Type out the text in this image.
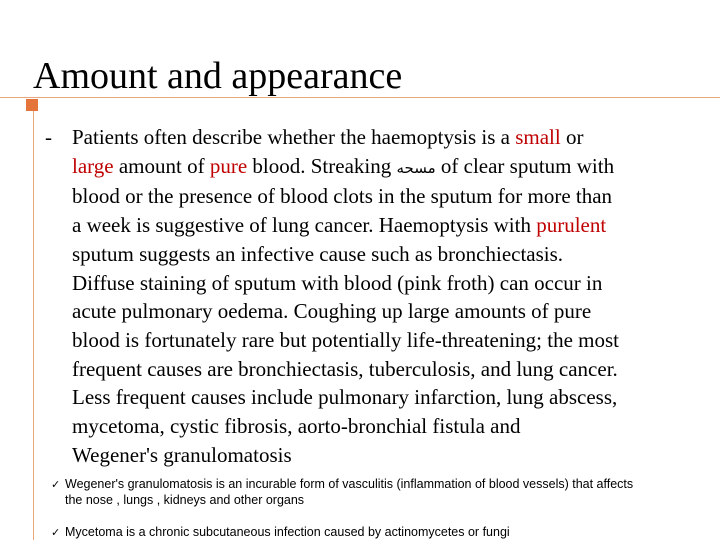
Amount and appearance
- Patients often describe whether the haemoptysis is a small or
large amount of pure blood. Streaking مسحه of clear sputum with
blood or the presence of blood clots in the sputum for more than
a week is suggestive of lung cancer. Haemoptysis with purulent
sputum suggests an infective cause such as bronchiectasis.
Diffuse staining of sputum with blood (pink froth) can occur in
acute pulmonary oedema. Coughing up large amounts of pure
blood is fortunately rare but potentially life-threatening; the most
frequent causes are bronchiectasis, tuberculosis, and lung cancer.
Less frequent causes include pulmonary infarction, lung abscess,
mycetoma, cystic fibrosis, aorto-bronchial fistula and
Wegener's granulomatosis
✓ Wegener's granulomatosis is an incurable form of vasculitis (inflammation of blood vessels) that affects
the nose , lungs , kidneys and other organs
✓ Mycetoma is a chronic subcutaneous infection caused by actinomycetes or fungi
